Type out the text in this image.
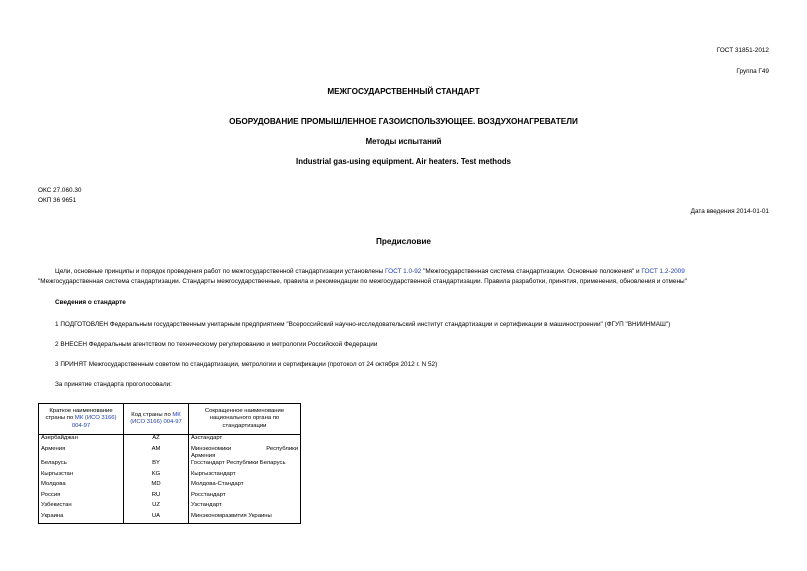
ГОСТ 31851-2012
Группа Г49
МЕЖГОСУДАРСТВЕННЫЙ СТАНДАРТ
ОБОРУДОВАНИЕ ПРОМЫШЛЕННОЕ ГАЗОИСПОЛЬЗУЮЩЕЕ. ВОЗДУХОНАГРЕВАТЕЛИ
Методы испытаний
Industrial gas-using equipment. Air heaters. Test methods
ОКС 27.060.30
ОКП 36 9651
Дата введения 2014-01-01
Предисловие
Цели, основные принципы и порядок проведения работ по межгосударственной стандартизации установлены ГОСТ 1.0-92 "Межгосударственная система стандартизации. Основные положения" и ГОСТ 1.2-2009
"Межгосударственная система стандартизации. Стандарты межгосударственные, правила и рекомендации по межгосударственной стандартизации. Правила разработки, принятия, применения, обновления и отмены"
Сведения о стандарте
1 ПОДГОТОВЛЕН Федеральным государственным унитарным предприятием "Всероссийский научно-исследовательский институт стандартизации и сертификации в машиностроении" (ФГУП "ВНИИНМАШ")
2 ВНЕСЕН Федеральным агентством по техническому регулированию и метрологии Российской Федерации
3 ПРИНЯТ Межгосударственным советом по стандартизации, метрологии и сертификации (протокол от 24 октября 2012 г. N 52)
За принятие стандарта проголосовали:
Краткое наименование страны по МК (ИСО 3166) 004-97	Код страны по МК (ИСО 3166) 004-97	Сокращенное наименование национального органа по стандартизации
Азербайджан	AZ	Азстандарт
Армения	AM	Минэкономики Республики
Армения

Беларусь	BY	Госстандарт Республики Беларусь
Кыргызстан	KG	Кыргызстандарт
Молдова	MD	Молдова-Стандарт
Россия	RU	Росстандарт
Узбекистан	UZ	Узстандарт
Украина	UA	Минэкономразвития Украины
